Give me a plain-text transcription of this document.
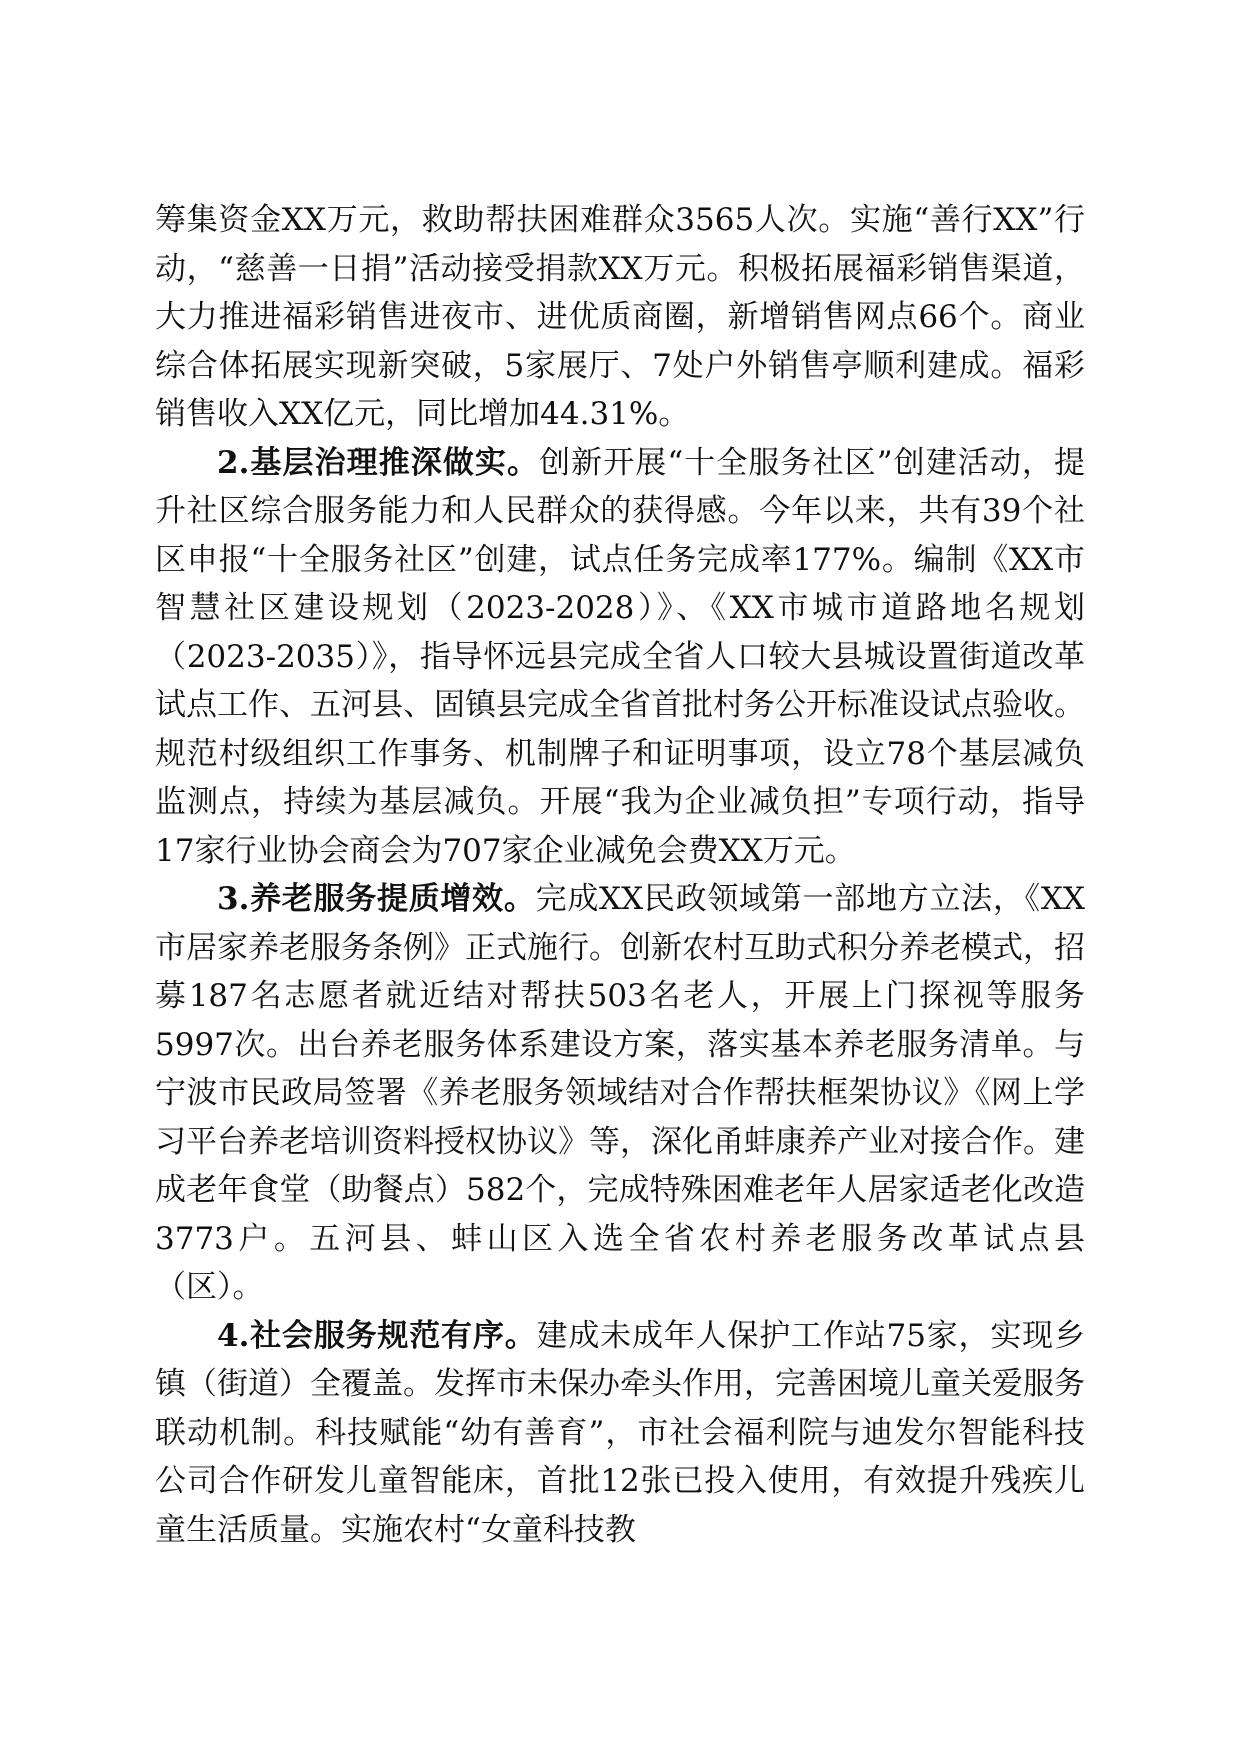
筹集资金XX万元，救助帮扶困难群众3565人次。实施“善行XX”行动，“慈善一日捐”活动接受捐款XX万元。积极拓展福彩销售渠道，大力推进福彩销售进夜市、进优质商圈，新增销售网点66个。商业综合体拓展实现新突破，5家展厅、7处户外销售亭顺利建成。福彩销售收入XX亿元，同比增加44.31%。

2.基层治理推深做实。创新开展“十全服务社区”创建活动，提升社区综合服务能力和人民群众的获得感。今年以来，共有39个社区申报“十全服务社区”创建，试点任务完成率177%。编制《XX市智慧社区建设规划（2023-2028）》、《XX市城市道路地名规划（2023-2035）》，指导怀远县完成全省人口较大县城设置街道改革试点工作、五河县、固镇县完成全省首批村务公开标准设试点验收。规范村级组织工作事务、机制牌子和证明事项，设立78个基层减负监测点，持续为基层减负。开展“我为企业减负担”专项行动，指导17家行业协会商会为707家企业减免会费XX万元。

3.养老服务提质增效。完成XX民政领域第一部地方立法，《XX市居家养老服务条例》正式施行。创新农村互助式积分养老模式，招募187名志愿者就近结对帮扶503名老人，开展上门探视等服务5997次。出台养老服务体系建设方案，落实基本养老服务清单。与宁波市民政局签署《养老服务领域结对合作帮扶框架协议》《网上学习平台养老培训资料授权协议》等，深化甬蚌康养产业对接合作。建成老年食堂（助餐点）582个，完成特殊困难老年人居家适老化改造3773户。五河县、蚌山区入选全省农村养老服务改革试点县（区）。

4.社会服务规范有序。建成未成年人保护工作站75家，实现乡镇（街道）全覆盖。发挥市未保办牵头作用，完善困境儿童关爱服务联动机制。科技赋能“幼有善育”，市社会福利院与迪发尔智能科技公司合作研发儿童智能床，首批12张已投入使用，有效提升残疾儿童生活质量。实施农村“女童科技教
